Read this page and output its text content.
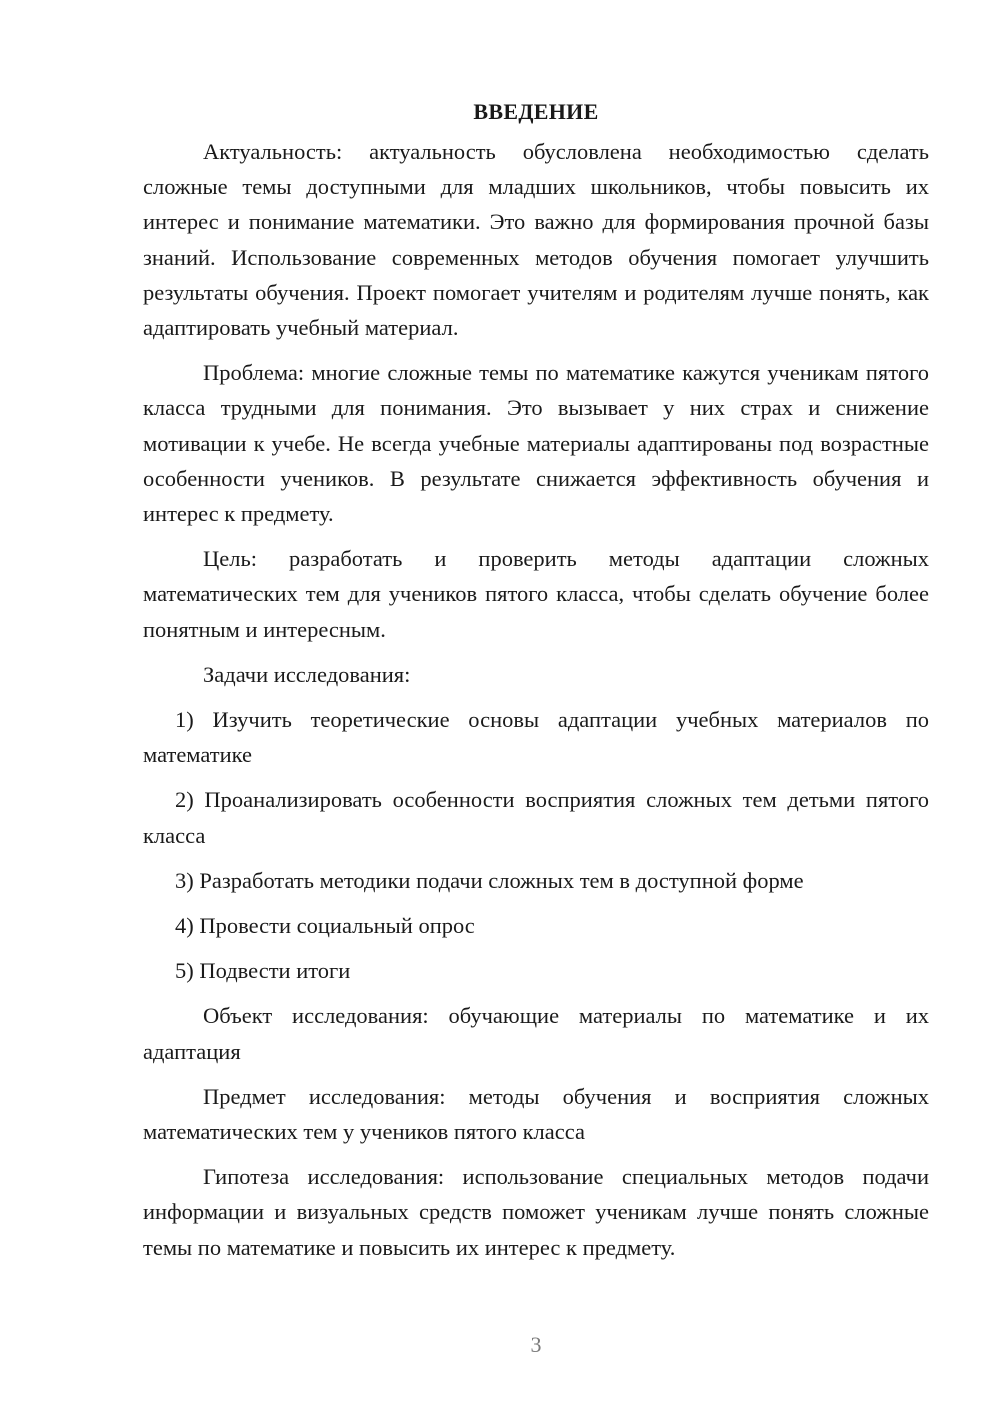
ВВЕДЕНИЕ

Актуальность: актуальность обусловлена необходимостью сделать сложные темы доступными для младших школьников, чтобы повысить их интерес и понимание математики. Это важно для формирования прочной базы знаний. Использование современных методов обучения помогает улучшить результаты обучения. Проект помогает учителям и родителям лучше понять, как адаптировать учебный материал.

Проблема: многие сложные темы по математике кажутся ученикам пятого класса трудными для понимания. Это вызывает у них страх и снижение мотивации к учебе. Не всегда учебные материалы адаптированы под возрастные особенности учеников. В результате снижается эффективность обучения и интерес к предмету.

Цель: разработать и проверить методы адаптации сложных математических тем для учеников пятого класса, чтобы сделать обучение более понятным и интересным.

Задачи исследования:

1) Изучить теоретические основы адаптации учебных материалов по математике

2) Проанализировать особенности восприятия сложных тем детьми пятого класса

3) Разработать методики подачи сложных тем в доступной форме

4) Провести социальный опрос

5) Подвести итоги

Объект исследования: обучающие материалы по математике и их адаптация

Предмет исследования: методы обучения и восприятия сложных математических тем у учеников пятого класса

Гипотеза исследования: использование специальных методов подачи информации и визуальных средств поможет ученикам лучше понять сложные темы по математике и повысить их интерес к предмету.

3
